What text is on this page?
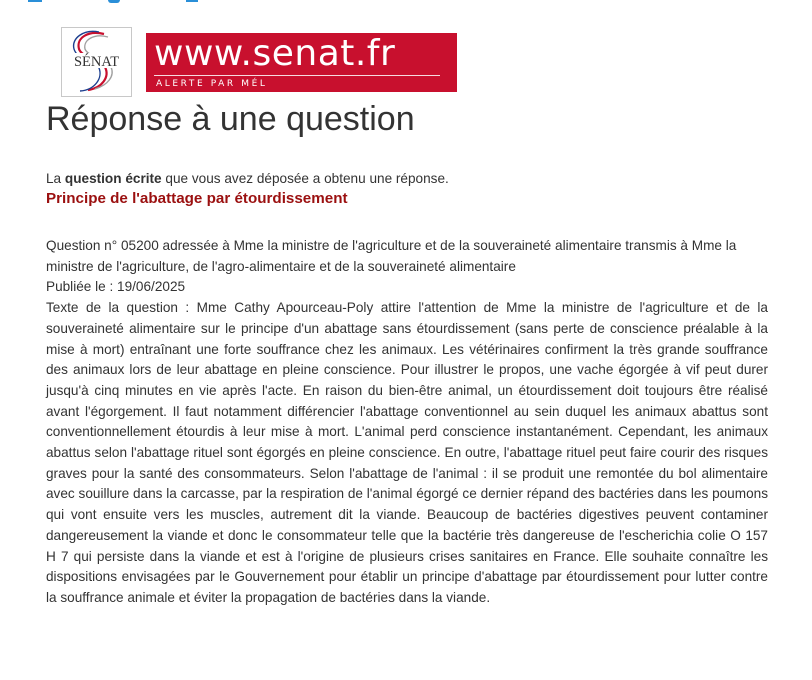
SÉNAT www.senat.fr
ALERTE PAR MÉL
Réponse à une question
La question écrite que vous avez déposée a obtenu une réponse.
Principe de l'abattage par étourdissement

Question n° 05200 adressée à Mme la ministre de l'agriculture et de la souveraineté alimentaire transmis à Mme la ministre de l'agriculture, de l'agro-alimentaire et de la souveraineté alimentaire

Publiée le : 19/06/2025

Texte de la question : Mme Cathy Apourceau-Poly attire l'attention de Mme la ministre de l'agriculture et de la souveraineté alimentaire sur le principe d'un abattage sans étourdissement (sans perte de conscience préalable à la mise à mort) entraînant une forte souffrance chez les animaux. Les vétérinaires confirment la très grande souffrance des animaux lors de leur abattage en pleine conscience. Pour illustrer le propos, une vache égorgée à vif peut durer jusqu'à cinq minutes en vie après l'acte. En raison du bien-être animal, un étourdissement doit toujours être réalisé avant l'égorgement. Il faut notamment différencier l'abattage conventionnel au sein duquel les animaux abattus sont conventionnellement étourdis à leur mise à mort. L'animal perd conscience instantanément. Cependant, les animaux abattus selon l'abattage rituel sont égorgés en pleine conscience. En outre, l'abattage rituel peut faire courir des risques graves pour la santé des consommateurs. Selon l'abattage de l'animal : il se produit une remontée du bol alimentaire avec souillure dans la carcasse, par la respiration de l'animal égorgé ce dernier répand des bactéries dans les poumons qui vont ensuite vers les muscles, autrement dit la viande. Beaucoup de bactéries digestives peuvent contaminer dangereusement la viande et donc le consommateur telle que la bactérie très dangereuse de l'escherichia colie O 157 H 7 qui persiste dans la viande et est à l'origine de plusieurs crises sanitaires en France. Elle souhaite connaître les dispositions envisagées par le Gouvernement pour établir un principe d'abattage par étourdissement pour lutter contre la souffrance animale et éviter la propagation de bactéries dans la viande.
